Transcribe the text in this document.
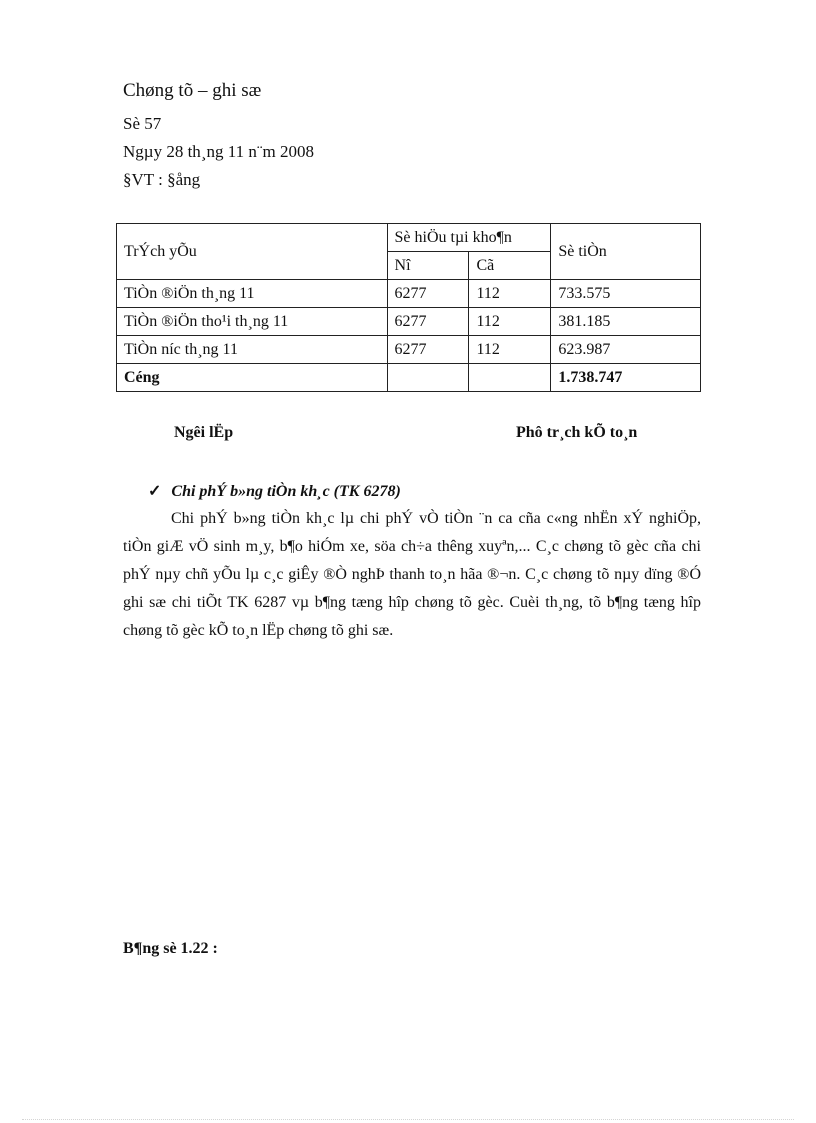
Chøng tõ – ghi sæ
Sè 57
Ngµy 28 th¸ng 11 n¨m 2008
§VT : §ång
TrÝch yÕu	Sè hiÖu tµi kho¶n		Sè tiÒn
	Nî	Cã	
TiÒn ®iÖn th¸ng 11	6277	112	733.575
TiÒn ®iÖn tho¹i th¸ng 11	6277	112	381.185
TiÒn níc th¸ng 11	6277	112	623.987
Céng			1.738.747
Ngêi lËp	Phô tr¸ch kÕ to¸n
✓ Chi phÝ b»ng tiÒn kh¸c (TK 6278)

Chi phÝ b»ng tiÒn kh¸c lµ chi phÝ vÒ tiÒn ¨n ca cña c«ng nhËn xÝ nghiÖp, tiÒn giÆ vÖ sinh m¸y, b¶o hiÓm xe, söa ch÷a thêng xuyªn,... C¸c chøng tõ gèc cña chi phÝ nµy chñ yÕu lµ c¸c giÊy ®Ò nghÞ thanh to¸n hãa ®¬n. C¸c chøng tõ nµy dïng ®Ó ghi sæ chi tiÕt TK 6287 vµ b¶ng tæng hîp chøng tõ gèc. Cuèi th¸ng, tõ b¶ng tæng hîp chøng tõ gèc kÕ to¸n lËp chøng tõ ghi sæ.

B¶ng sè 1.22 :
